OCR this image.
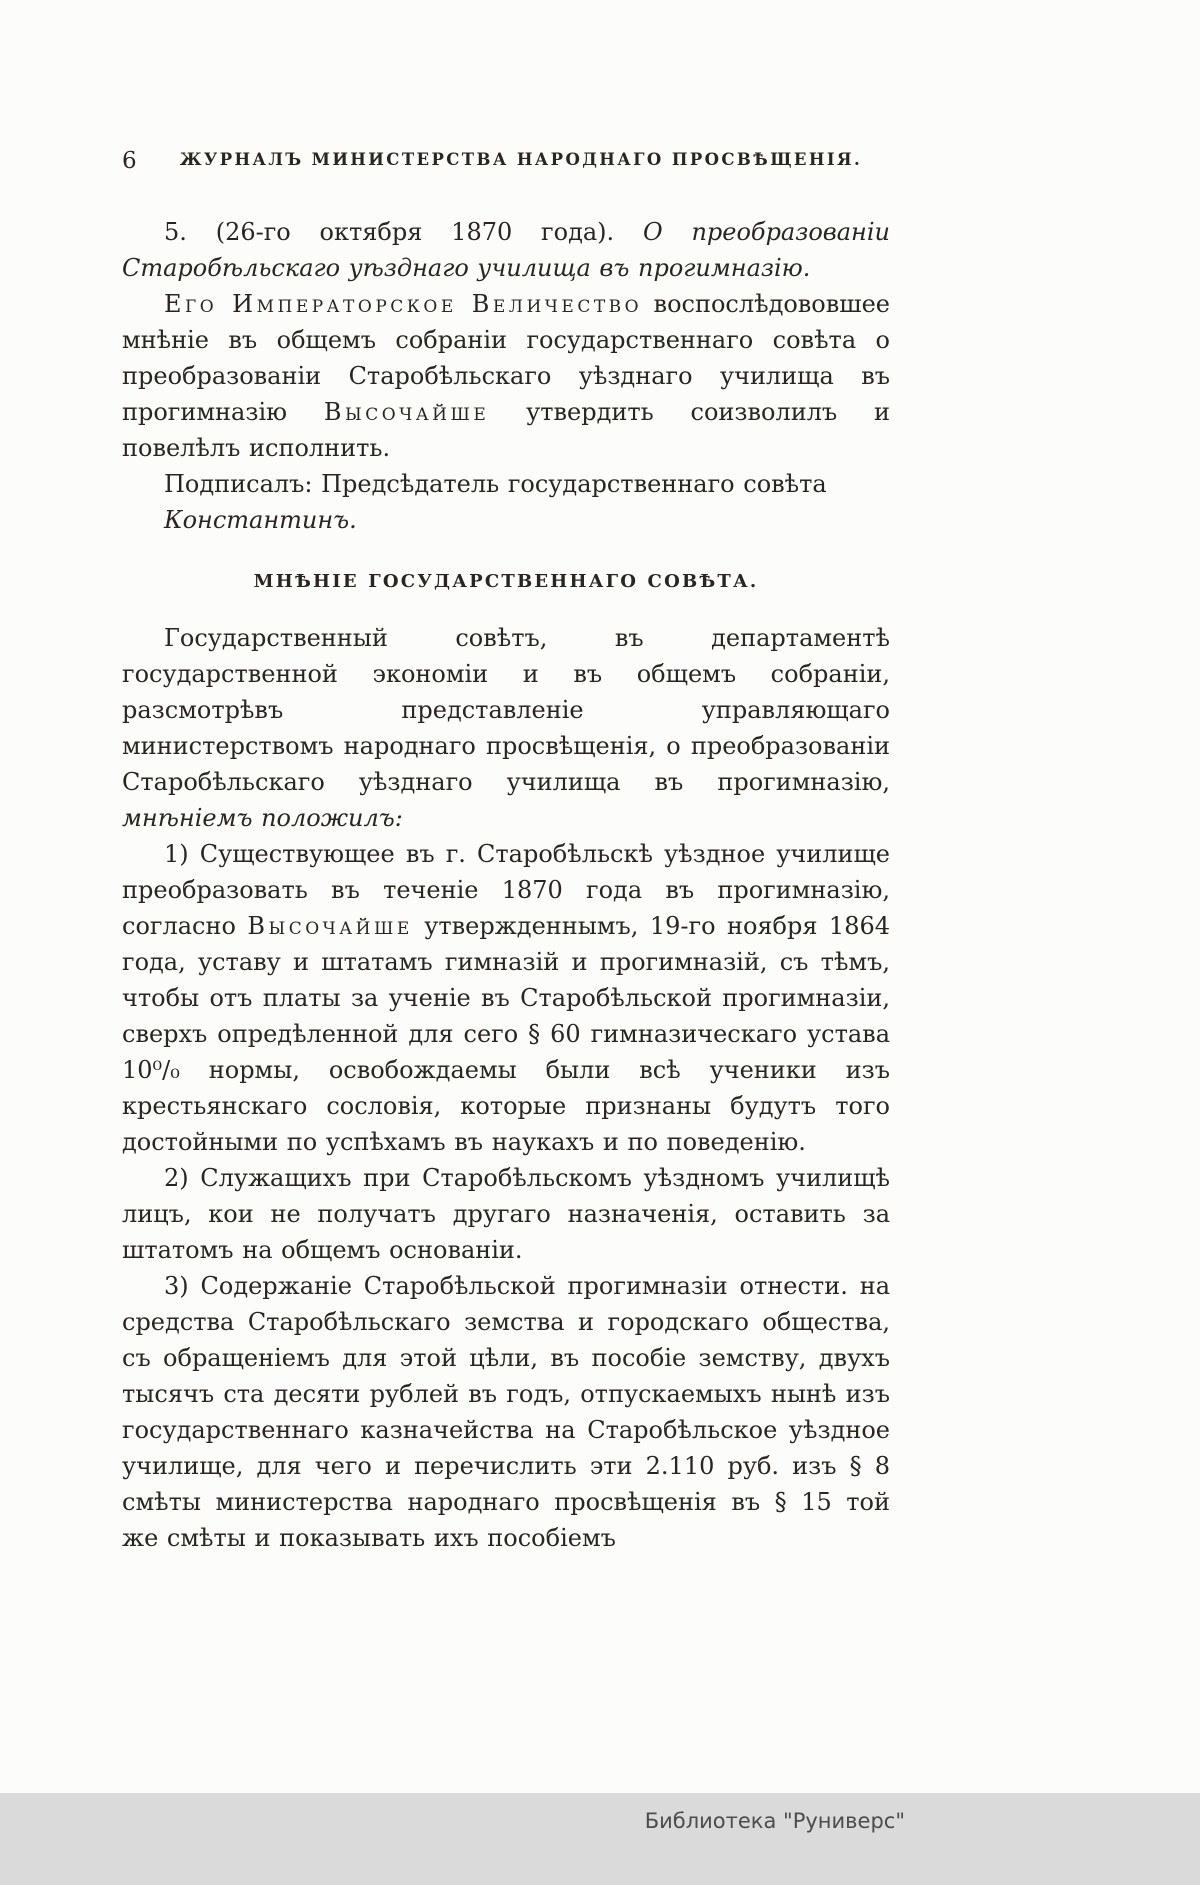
6	ЖУРНАЛЪ МИНИСТЕРСТВА НАРОДНАГО ПРОСВѢЩЕНІЯ.

5. (26-го октября 1870 года). О преобразованіи Старобѣльскаго уѣзднаго училища въ прогимназію.

Его Императорское Величество воспослѣдововшее мнѣніе въ общемъ собраніи государственнаго совѣта о преобразованіи Старобѣльскаго уѣзднаго училища въ прогимназію Высочайше утвердить соизволилъ и повелѣлъ исполнить.

Подписалъ: Предсѣдатель государственнаго совѣта

Константинъ.

МНѢНІЕ ГОСУДАРСТВЕННАГО СОВѢТА.

Государственный совѣтъ, въ департаментѣ государственной экономіи и въ общемъ собраніи, разсмотрѣвъ представленіе управляющаго министерствомъ народнаго просвѣщенія, о преобразованіи Старобѣльскаго уѣзднаго училища въ прогимназію, мнѣніемъ положилъ:

1) Существующее въ г. Старобѣльскѣ уѣздное училище преобразовать въ теченіе 1870 года въ прогимназію, согласно Высочайше утвержденнымъ, 19-го ноября 1864 года, уставу и штатамъ гимназій и прогимназій, съ тѣмъ, чтобы отъ платы за ученіе въ Старобѣльской прогимназіи, сверхъ опредѣленной для сего § 60 гимназическаго устава 10⁰/₀ нормы, освобождаемы были всѣ ученики изъ крестьянскаго сословія, которые признаны будутъ того достойными по успѣхамъ въ наукахъ и по поведенію.

2) Служащихъ при Старобѣльскомъ уѣздномъ училищѣ лицъ, кои не получатъ другаго назначенія, оставить за штатомъ на общемъ основаніи.

3) Содержаніе Старобѣльской прогимназіи отнести. на средства Старобѣльскаго земства и городскаго общества, съ обращеніемъ для этой цѣли, въ пособіе земству, двухъ тысячъ ста десяти рублей въ годъ, отпускаемыхъ нынѣ изъ государственнаго казначейства на Старобѣльское уѣздное училище, для чего и перечислить эти 2.110 руб. изъ § 8 смѣты министерства народнаго просвѣщенія въ § 15 той же смѣты и показывать ихъ пособіемъ

Библиотека "Руниверс"
